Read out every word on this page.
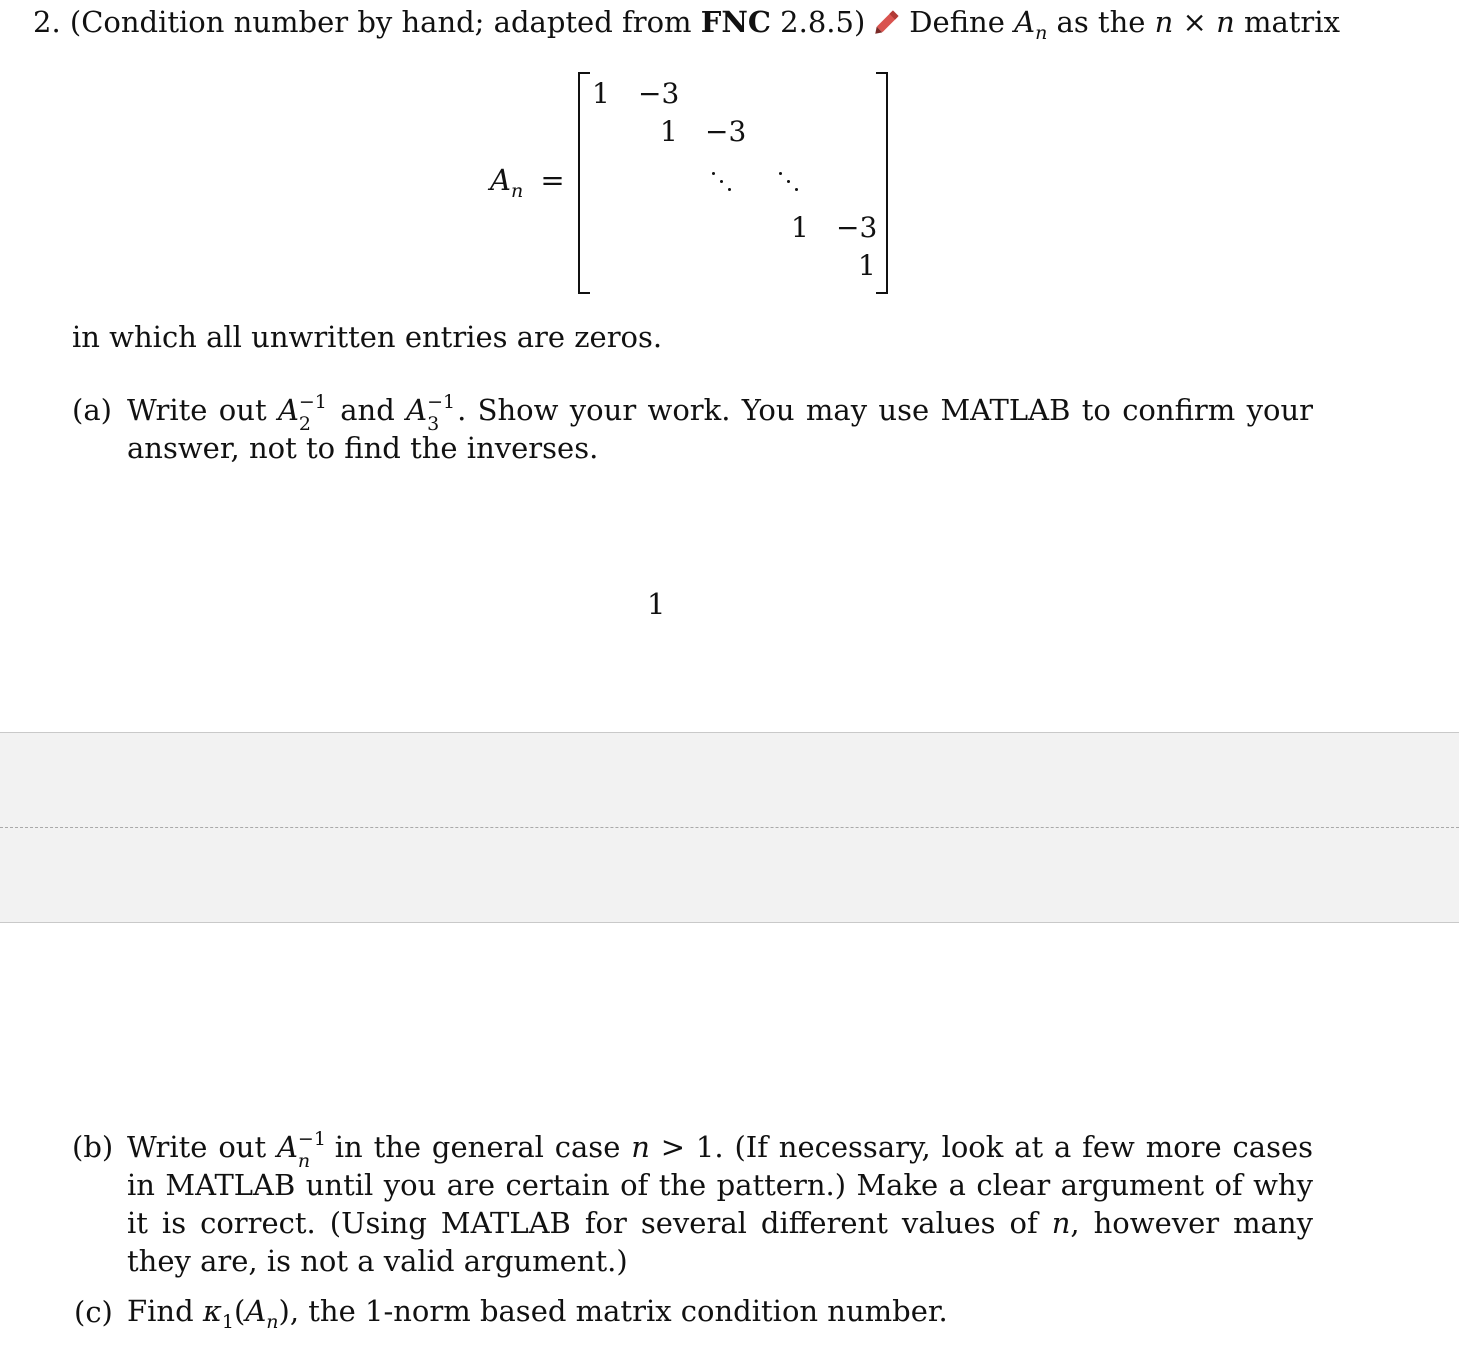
2. (Condition number by hand; adapted from FNC 2.8.5) Define $A_n$ as the n × n matrix
$A_n$ =
1 −3
1 −3
1 −3
1
in which all unwritten entries are zeros.
(a) Write out A −1
2 and A −1
3 . Show your work. You may use MATLAB to confirm your answer, not to find the inverses.
1
(b) Write out A −1
n in the general case n > 1. (If necessary, look at a few more cases in MATLAB until you are certain of the pattern.) Make a clear argument of why it is correct. (Using MATLAB for several different values of n, however many they are, is not a valid argument.)
(c) Find $\kappa_1(A_n)$, the 1-norm based matrix condition number.
